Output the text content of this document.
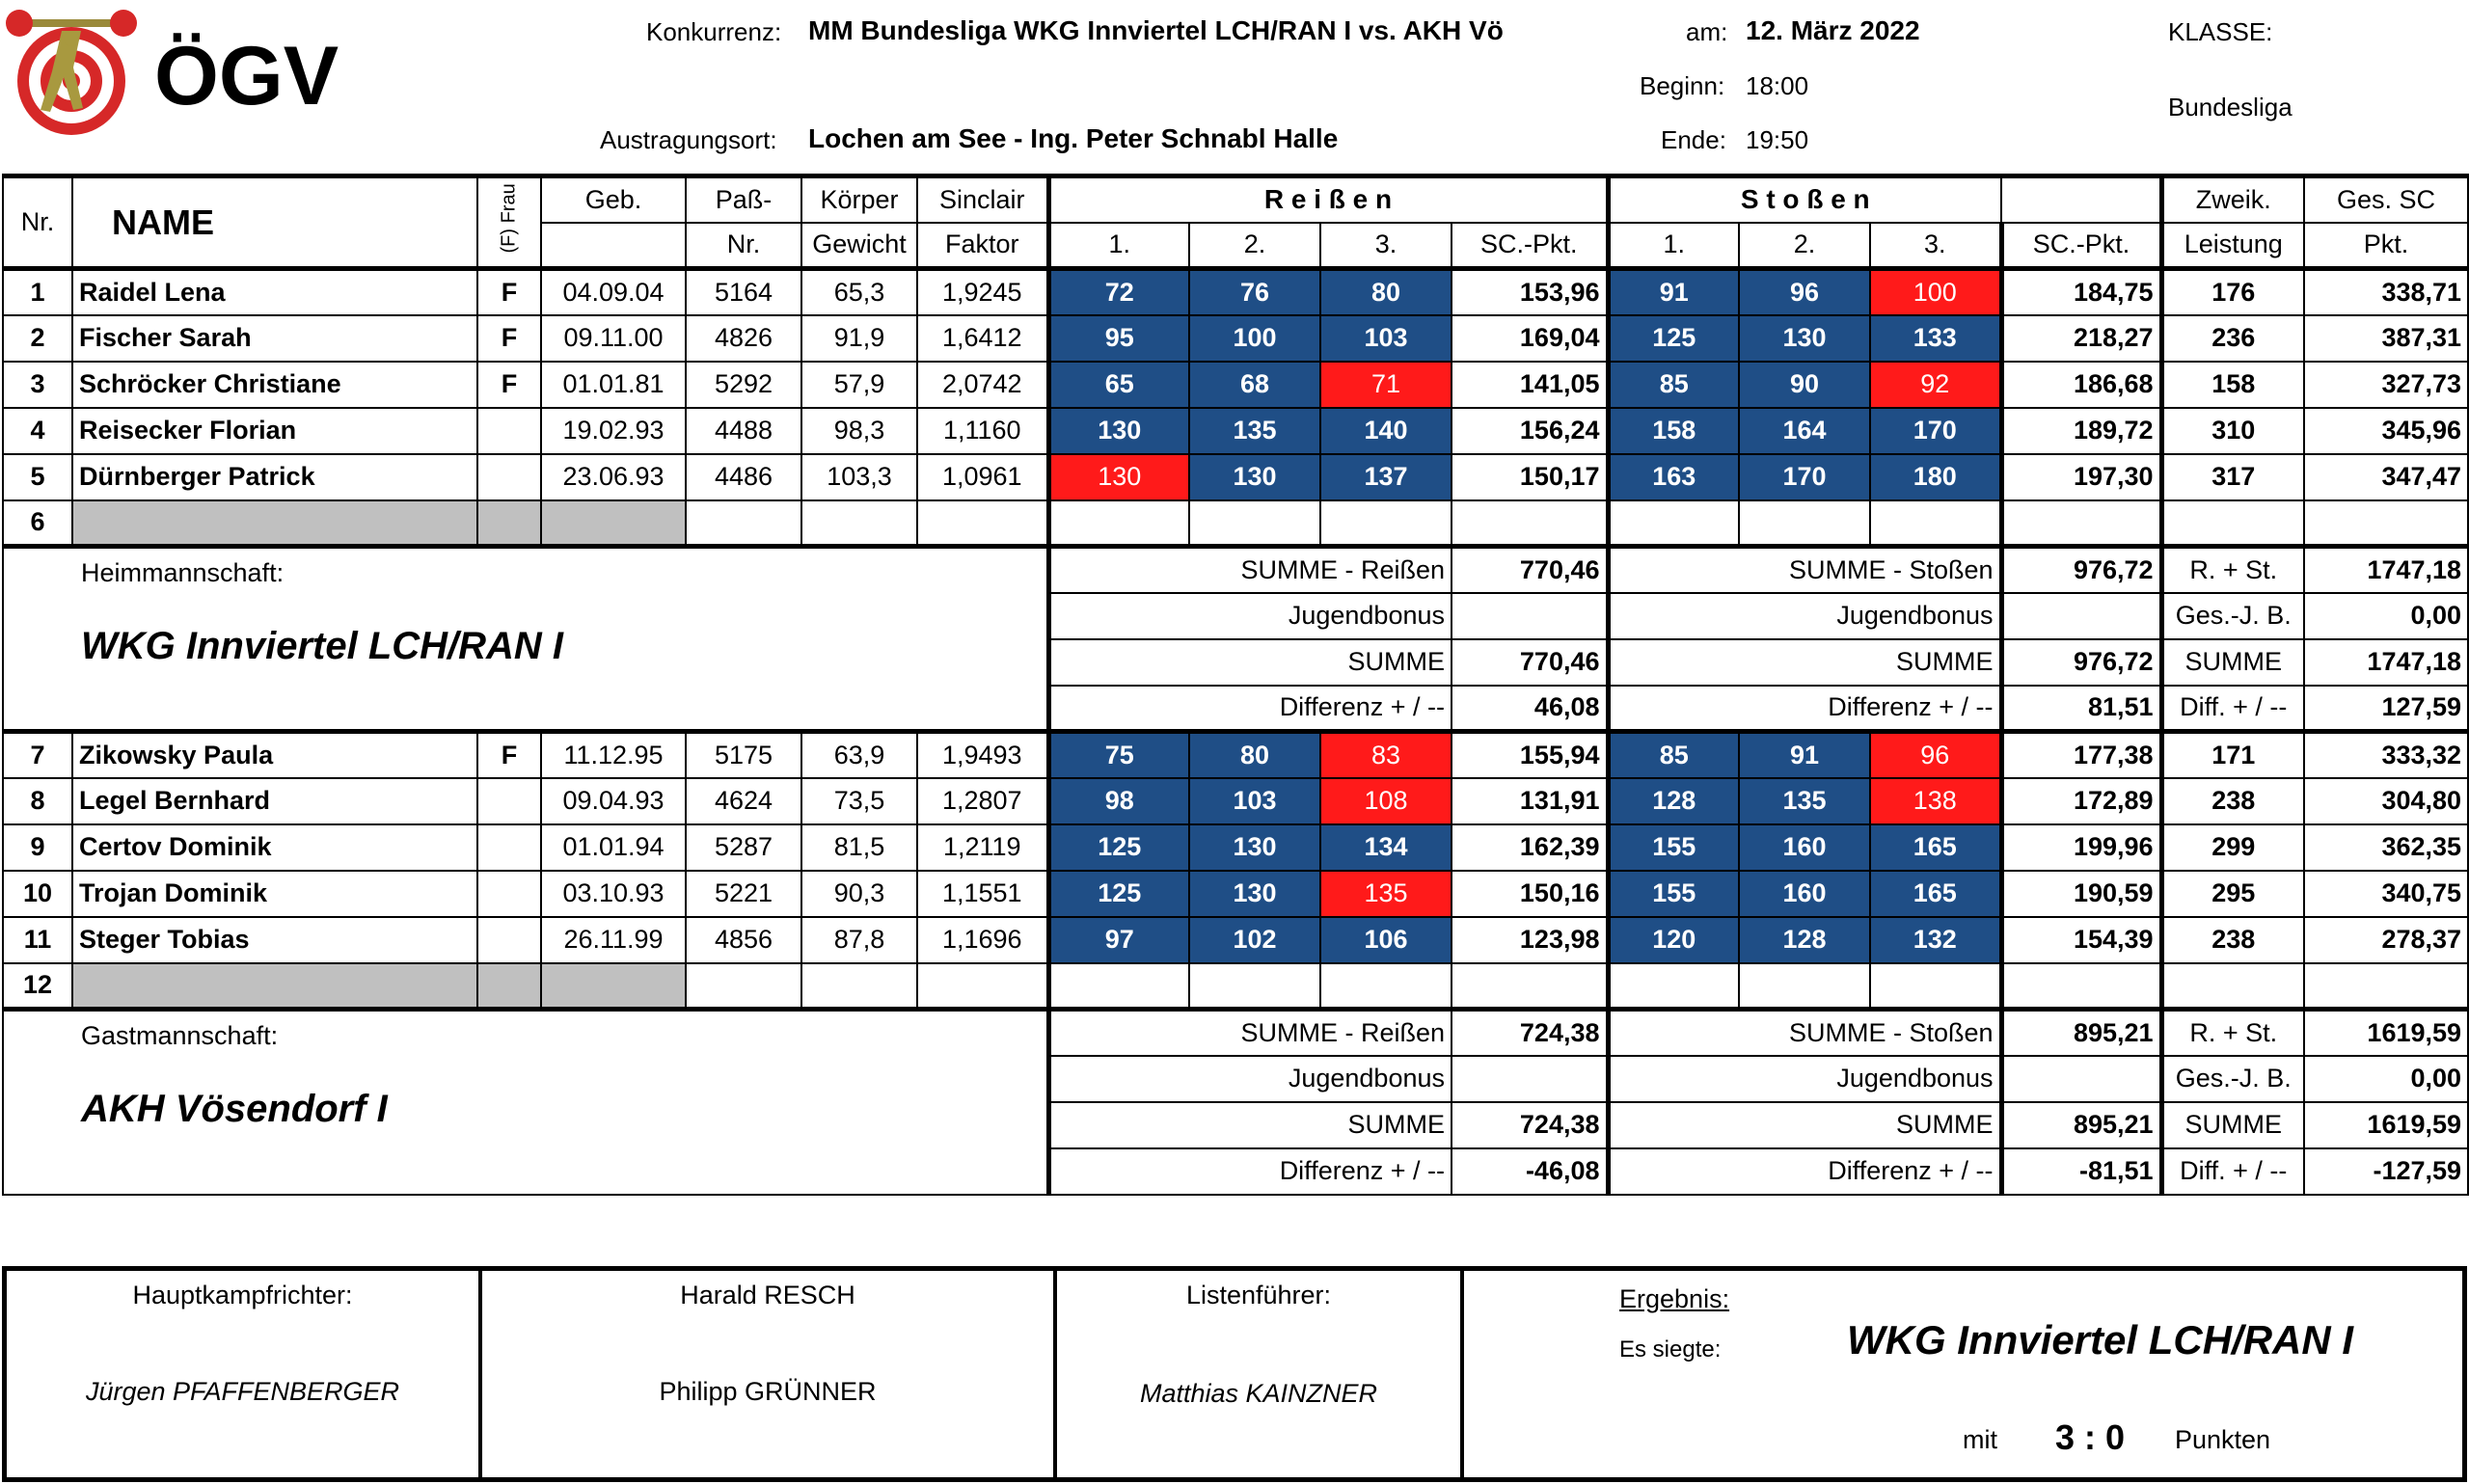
ÖGV	Konkurrenz: MM Bundesliga WKG Innviertel LCH/RAN I vs. AKH Vö
Austragungsort: Lochen am See - Ing. Peter Schnabl Halle
am: 12. März 2022
Beginn: 18:00
Ende: 19:50
KLASSE:
Bundesliga
Nr.	NAME	(F) Frau	Geb.	Paß-	Körper	Sinclair	R e i ß e n				S t o ß e n				Zweik.	Ges. SC
				Nr.	Gewicht	Faktor	1.	2.	3.	SC.-Pkt.	1.	2.	3.	SC.-Pkt.	Leistung	Pkt.
1	Raidel Lena	F	04.09.04	5164	65,3	1,9245	72	76	80	153,96	91	96	100	184,75	176	338,71
2	Fischer Sarah	F	09.11.00	4826	91,9	1,6412	95	100	103	169,04	125	130	133	218,27	236	387,31
3	Schröcker Christiane	F	01.01.81	5292	57,9	2,0742	65	68	71	141,05	85	90	92	186,68	158	327,73
4	Reisecker Florian		19.02.93	4488	98,3	1,1160	130	135	140	156,24	158	164	170	189,72	310	345,96
5	Dürnberger Patrick		23.06.93	4486	103,3	1,0961	130	130	137	150,17	163	170	180	197,30	317	347,47
6																

Heimmannschaft:
WKG Innviertel LCH/RAN I							SUMME - Reißen			770,46	SUMME - Stoßen			976,72	R. + St.	1747,18
							Jugendbonus				Jugendbonus				Ges.-J. B.	0,00
							SUMME			770,46	SUMME			976,72	SUMME	1747,18
							Differenz + / --			46,08	Differenz + / --			81,51	Diff. + / --	127,59
7	Zikowsky Paula	F	11.12.95	5175	63,9	1,9493	75	80	83	155,94	85	91	96	177,38	171	333,32
8	Legel Bernhard		09.04.93	4624	73,5	1,2807	98	103	108	131,91	128	135	138	172,89	238	304,80
9	Certov Dominik		01.01.94	5287	81,5	1,2119	125	130	134	162,39	155	160	165	199,96	299	362,35
10	Trojan Dominik		03.10.93	5221	90,3	1,1551	125	130	135	150,16	155	160	165	190,59	295	340,75
11	Steger Tobias		26.11.99	4856	87,8	1,1696	97	102	106	123,98	120	128	132	154,39	238	278,37
12																

Gastmannschaft:
AKH Vösendorf I							SUMME - Reißen			724,38	SUMME - Stoßen			895,21	R. + St.	1619,59
							Jugendbonus				Jugendbonus				Ges.-J. B.	0,00
							SUMME			724,38	SUMME			895,21	SUMME	1619,59
							Differenz + / --			-46,08	Differenz + / --			-81,51	Diff. + / --	-127,59
Hauptkampfrichter:
Jürgen PFAFFENBERGER
Harald RESCH
Philipp GRÜNNER
Listenführer:
Matthias KAINZNER
Ergebnis:
Es siegte:	WKG Innviertel LCH/RAN I
mit 3 : 0 Punkten
